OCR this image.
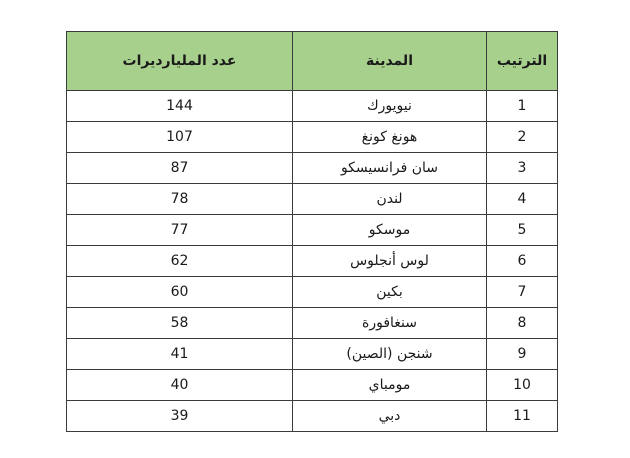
الترتيب	المدينة	عدد المليارديرات
1	نيويورك	144
2	هونغ كونغ	107
3	سان فرانسيسكو	87
4	لندن	78
5	موسكو	77
6	لوس أنجلوس	62
7	بكين	60
8	سنغافورة	58
9	شنجن (الصين)	41
10	مومباي	40
11	دبي	39
